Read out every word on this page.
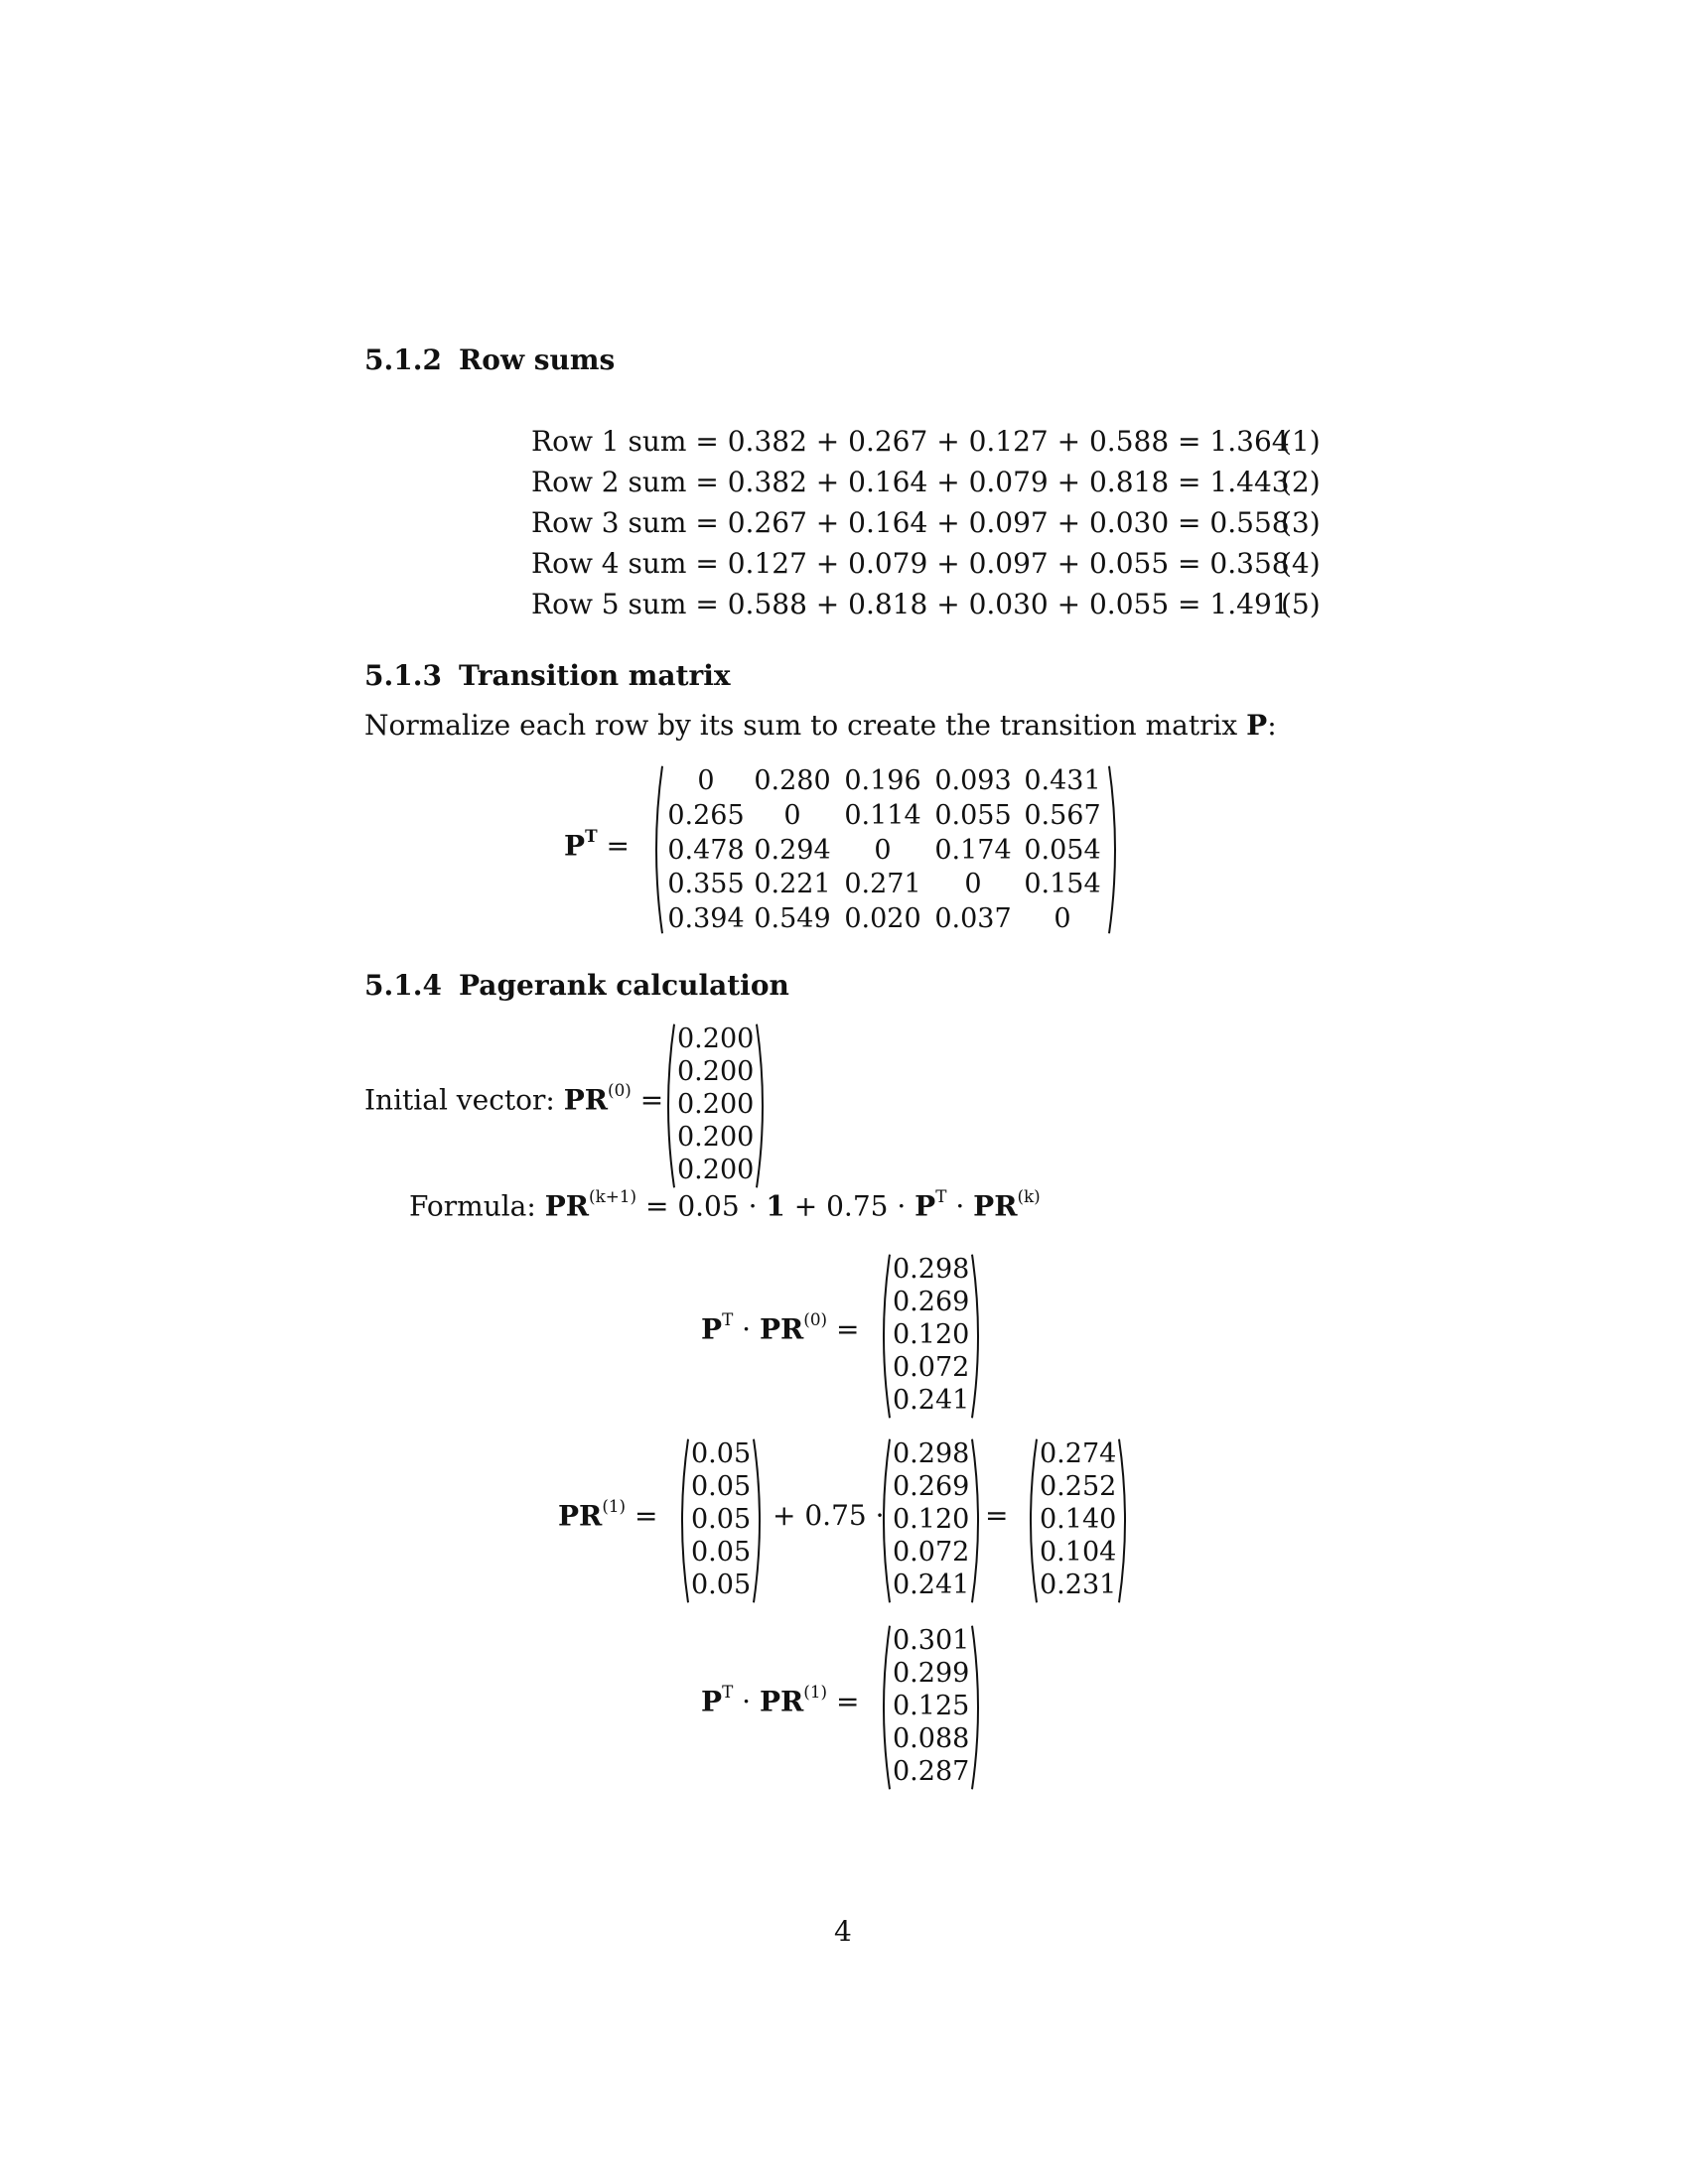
5.1.2 Row sums
Row 1 sum = 0.382 + 0.267 + 0.127 + 0.588 = 1.364
(1)
Row 2 sum = 0.382 + 0.164 + 0.079 + 0.818 = 1.443
(2)
Row 3 sum = 0.267 + 0.164 + 0.097 + 0.030 = 0.558
(3)
Row 4 sum = 0.127 + 0.079 + 0.097 + 0.055 = 0.358
(4)
Row 5 sum = 0.588 + 0.818 + 0.030 + 0.055 = 1.491
(5)
5.1.3 Transition matrix
Normalize each row by its sum to create the transition matrix P:
$P^T$ =
0	0.280 0.196 0.093 0.431
0.265	0	0.114 0.055 0.567
0.478 0.294	0	0.174 0.054
0.355 0.221 0.271	0	0.154
0.394 0.549 0.020 0.037	0
5.1.4 Pagerank calculation
Initial vector: $PR^{(0)}$ =
0.200
0.200
0.200
0.200
0.200
Formula: $PR^{(k+1)} = 0.05 \cdot 1 + 0.75 \cdot P^T \cdot PR^{(k)}$
$P^T \cdot PR^{(0)}$ =
0.298
0.269
0.120
0.072
0.241
$PR^{(1)}$ =
0.05
0.05
0.05
0.05
0.05
+ 0.75 ·
0.298
0.269
0.120
0.072
0.241
=
0.274
0.252
0.140
0.104
0.231
$P^T \cdot PR^{(1)}$ =
0.301
0.299
0.125
0.088
0.287
4
